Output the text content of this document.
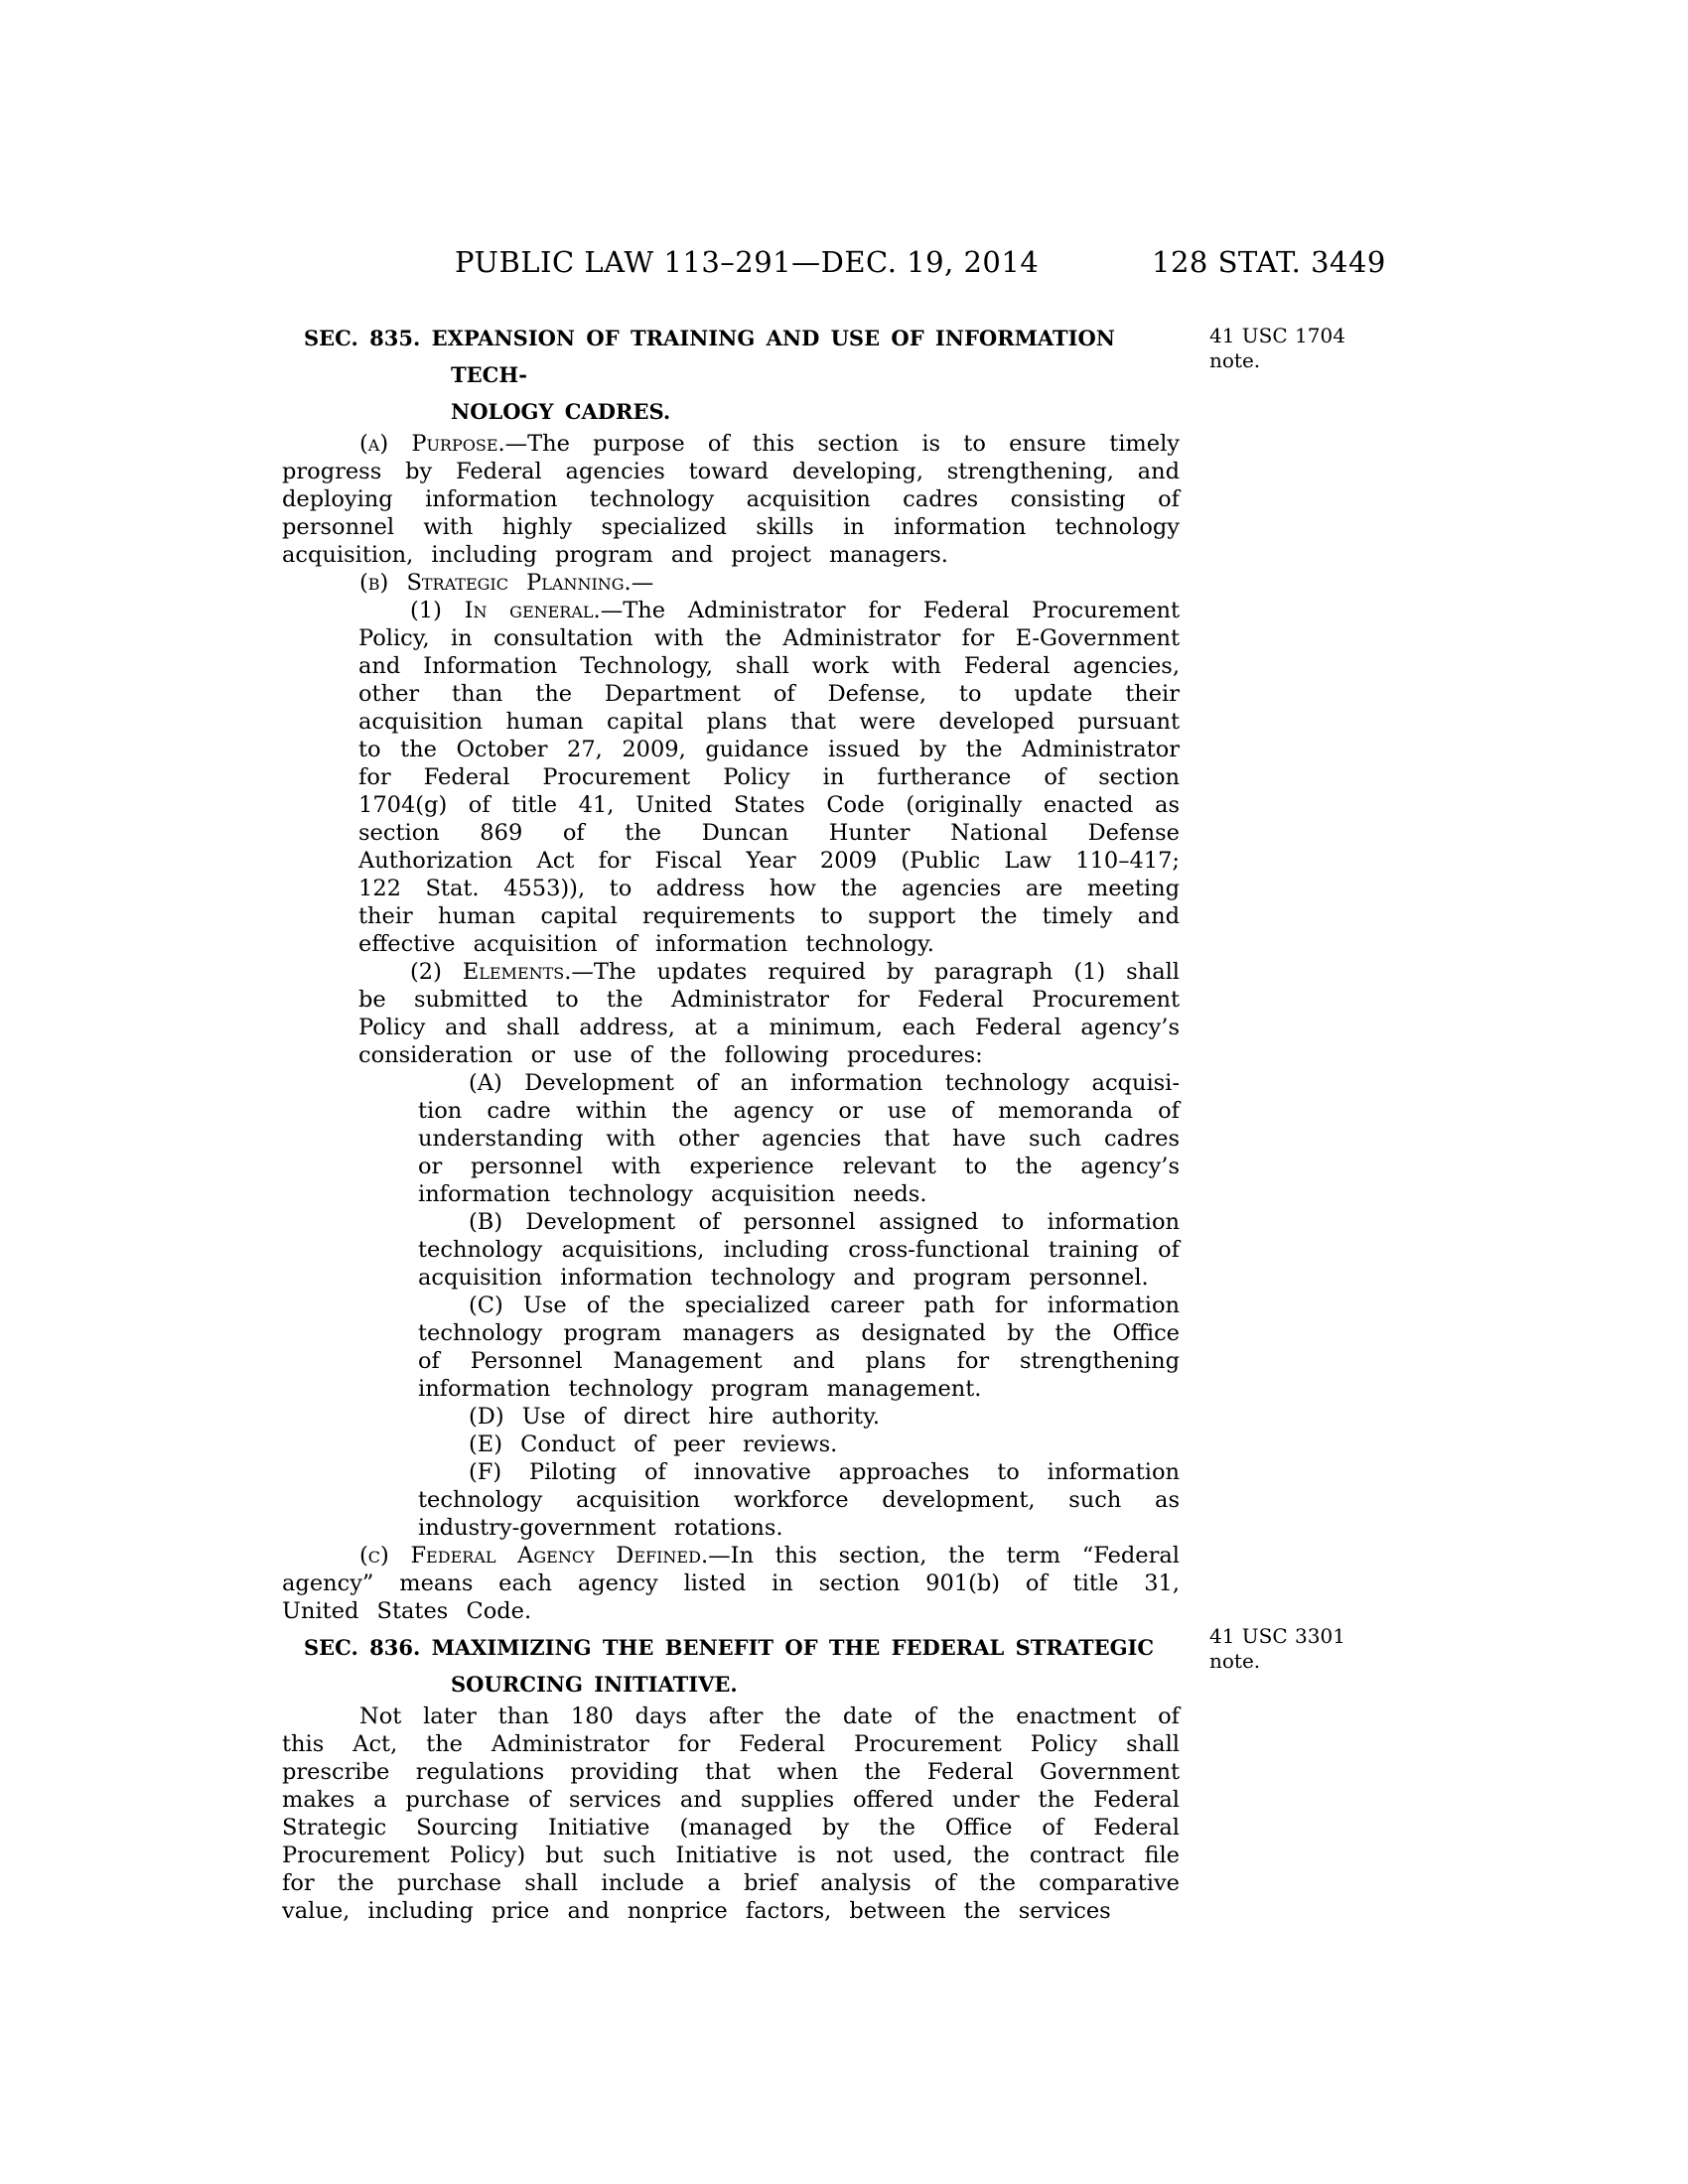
PUBLIC LAW 113–291—DEC. 19, 2014	128 STAT. 3449
SEC. 835. EXPANSION OF TRAINING AND USE OF INFORMATION TECH-
NOLOGY CADRES.
(a) Purpose.—The purpose of this section is to ensure timely progress by Federal agencies toward developing, strengthening, and deploying information technology acquisition cadres consisting of personnel with highly specialized skills in information technology acquisition, including program and project managers.
(b) Strategic Planning.—
(1) In general.—The Administrator for Federal Procurement Policy, in consultation with the Administrator for E-Government and Information Technology, shall work with Federal agencies, other than the Department of Defense, to update their acquisition human capital plans that were developed pursuant to the October 27, 2009, guidance issued by the Administrator for Federal Procurement Policy in furtherance of section 1704(g) of title 41, United States Code (originally enacted as section 869 of the Duncan Hunter National Defense Authorization Act for Fiscal Year 2009 (Public Law 110–417; 122 Stat. 4553)), to address how the agencies are meeting their human capital requirements to support the timely and effective acquisition of information technology.
(2) Elements.—The updates required by paragraph (1) shall be submitted to the Administrator for Federal Procurement Policy and shall address, at a minimum, each Federal agency’s consideration or use of the following procedures:
(A) Development of an information technology acquisition cadre within the agency or use of memoranda of understanding with other agencies that have such cadres or personnel with experience relevant to the agency’s information technology acquisition needs.
(B) Development of personnel assigned to information technology acquisitions, including cross-functional training of acquisition information technology and program personnel.
(C) Use of the specialized career path for information technology program managers as designated by the Office of Personnel Management and plans for strengthening information technology program management.
(D) Use of direct hire authority.
(E) Conduct of peer reviews.
(F) Piloting of innovative approaches to information technology acquisition workforce development, such as industry-government rotations.
(c) Federal Agency Defined.—In this section, the term “Federal agency” means each agency listed in section 901(b) of title 31, United States Code.
SEC. 836. MAXIMIZING THE BENEFIT OF THE FEDERAL STRATEGIC
SOURCING INITIATIVE.
Not later than 180 days after the date of the enactment of this Act, the Administrator for Federal Procurement Policy shall prescribe regulations providing that when the Federal Government makes a purchase of services and supplies offered under the Federal Strategic Sourcing Initiative (managed by the Office of Federal Procurement Policy) but such Initiative is not used, the contract file for the purchase shall include a brief analysis of the comparative value, including price and nonprice factors, between the services
41 USC 1704
note.
41 USC 3301
note.
